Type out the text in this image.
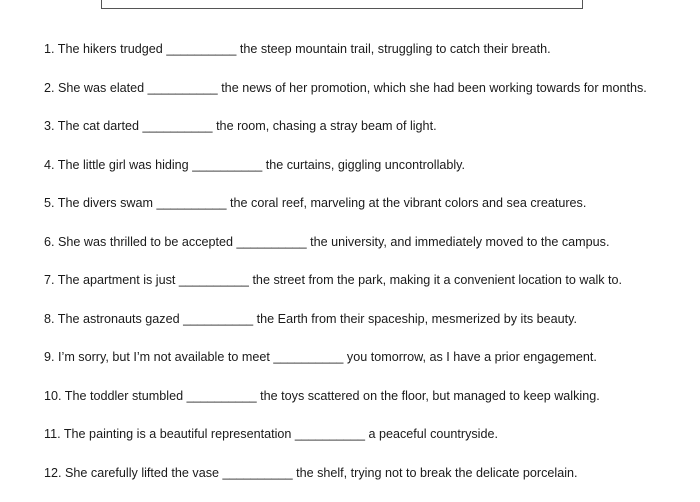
1. The hikers trudged __________ the steep mountain trail, struggling to catch their breath.
2. She was elated __________ the news of her promotion, which she had been working towards for months.
3. The cat darted __________ the room, chasing a stray beam of light.
4. The little girl was hiding __________ the curtains, giggling uncontrollably.
5. The divers swam __________ the coral reef, marveling at the vibrant colors and sea creatures.
6. She was thrilled to be accepted __________ the university, and immediately moved to the campus.
7. The apartment is just __________ the street from the park, making it a convenient location to walk to.
8. The astronauts gazed __________ the Earth from their spaceship, mesmerized by its beauty.
9. I’m sorry, but I’m not available to meet __________ you tomorrow, as I have a prior engagement.
10. The toddler stumbled __________ the toys scattered on the floor, but managed to keep walking.
11. The painting is a beautiful representation __________ a peaceful countryside.
12. She carefully lifted the vase __________ the shelf, trying not to break the delicate porcelain.
